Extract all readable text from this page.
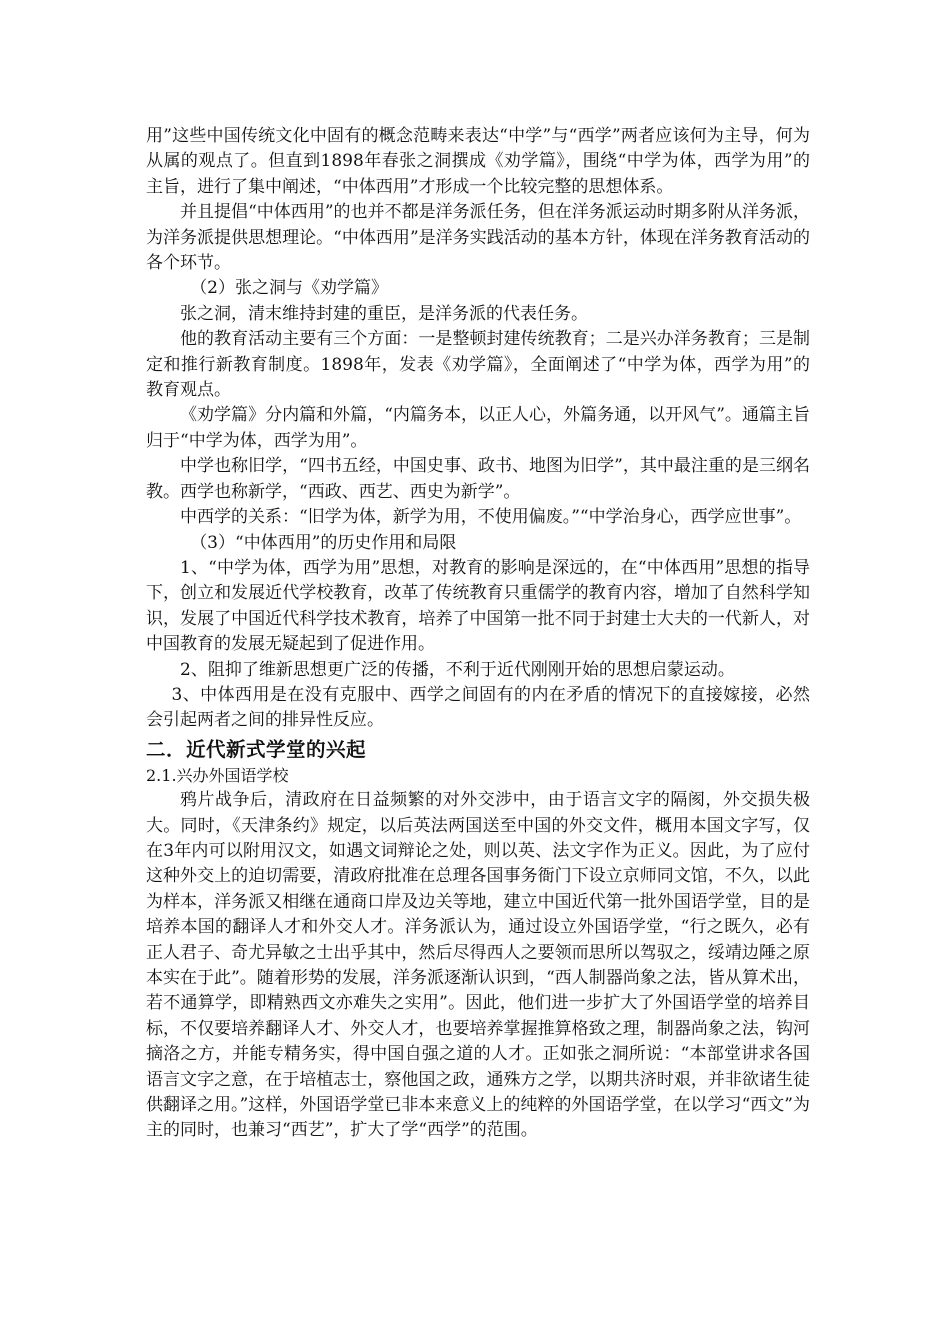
用”这些中国传统文化中固有的概念范畴来表达“中学”与“西学”两者应该何为主导，何为从属的观点了。但直到1898年春张之洞撰成《劝学篇》，围绕“中学为体，西学为用”的主旨，进行了集中阐述，“中体西用”才形成一个比较完整的思想体系。

并且提倡“中体西用”的也并不都是洋务派任务，但在洋务派运动时期多附从洋务派，为洋务派提供思想理论。“中体西用”是洋务实践活动的基本方针，体现在洋务教育活动的各个环节。

（2）张之洞与《劝学篇》

张之洞，清末维持封建的重臣，是洋务派的代表任务。

他的教育活动主要有三个方面：一是整顿封建传统教育；二是兴办洋务教育；三是制定和推行新教育制度。1898年，发表《劝学篇》，全面阐述了“中学为体，西学为用”的教育观点。

《劝学篇》分内篇和外篇，“内篇务本，以正人心，外篇务通，以开风气”。通篇主旨归于“中学为体，西学为用”。

中学也称旧学，“四书五经，中国史事、政书、地图为旧学”，其中最注重的是三纲名教。西学也称新学，“西政、西艺、西史为新学”。

中西学的关系：“旧学为体，新学为用，不使用偏废。”“中学治身心，西学应世事”。

（3）“中体西用”的历史作用和局限

1、“中学为体，西学为用”思想，对教育的影响是深远的，在“中体西用”思想的指导下，创立和发展近代学校教育，改革了传统教育只重儒学的教育内容，增加了自然科学知识，发展了中国近代科学技术教育，培养了中国第一批不同于封建士大夫的一代新人，对中国教育的发展无疑起到了促进作用。

2、阻抑了维新思想更广泛的传播，不利于近代刚刚开始的思想启蒙运动。

3、中体西用是在没有克服中、西学之间固有的内在矛盾的情况下的直接嫁接，必然会引起两者之间的排异性反应。

二．近代新式学堂的兴起

2.1.兴办外国语学校

鸦片战争后，清政府在日益频繁的对外交涉中，由于语言文字的隔阂，外交损失极大。同时，《天津条约》规定，以后英法两国送至中国的外交文件，概用本国文字写，仅在3年内可以附用汉文，如遇文词辩论之处，则以英、法文字作为正义。因此，为了应付这种外交上的迫切需要，清政府批准在总理各国事务衙门下设立京师同文馆，不久，以此为样本，洋务派又相继在通商口岸及边关等地，建立中国近代第一批外国语学堂，目的是培养本国的翻译人才和外交人才。洋务派认为，通过设立外国语学堂，“行之既久，必有正人君子、奇尤异敏之士出乎其中，然后尽得西人之要领而思所以驾驭之，绥靖边陲之原本实在于此”。随着形势的发展，洋务派逐渐认识到，“西人制器尚象之法，皆从算术出，若不通算学，即精熟西文亦难失之实用”。因此，他们进一步扩大了外国语学堂的培养目标，不仅要培养翻译人才、外交人才，也要培养掌握推算格致之理，制器尚象之法，钩河摘洛之方，并能专精务实，得中国自强之道的人才。正如张之洞所说：“本部堂讲求各国语言文字之意，在于培植志士，察他国之政，通殊方之学，以期共济时艰，并非欲诸生徒供翻译之用。”这样，外国语学堂已非本来意义上的纯粹的外国语学堂，在以学习“西文”为主的同时，也兼习“西艺”，扩大了学“西学”的范围。
